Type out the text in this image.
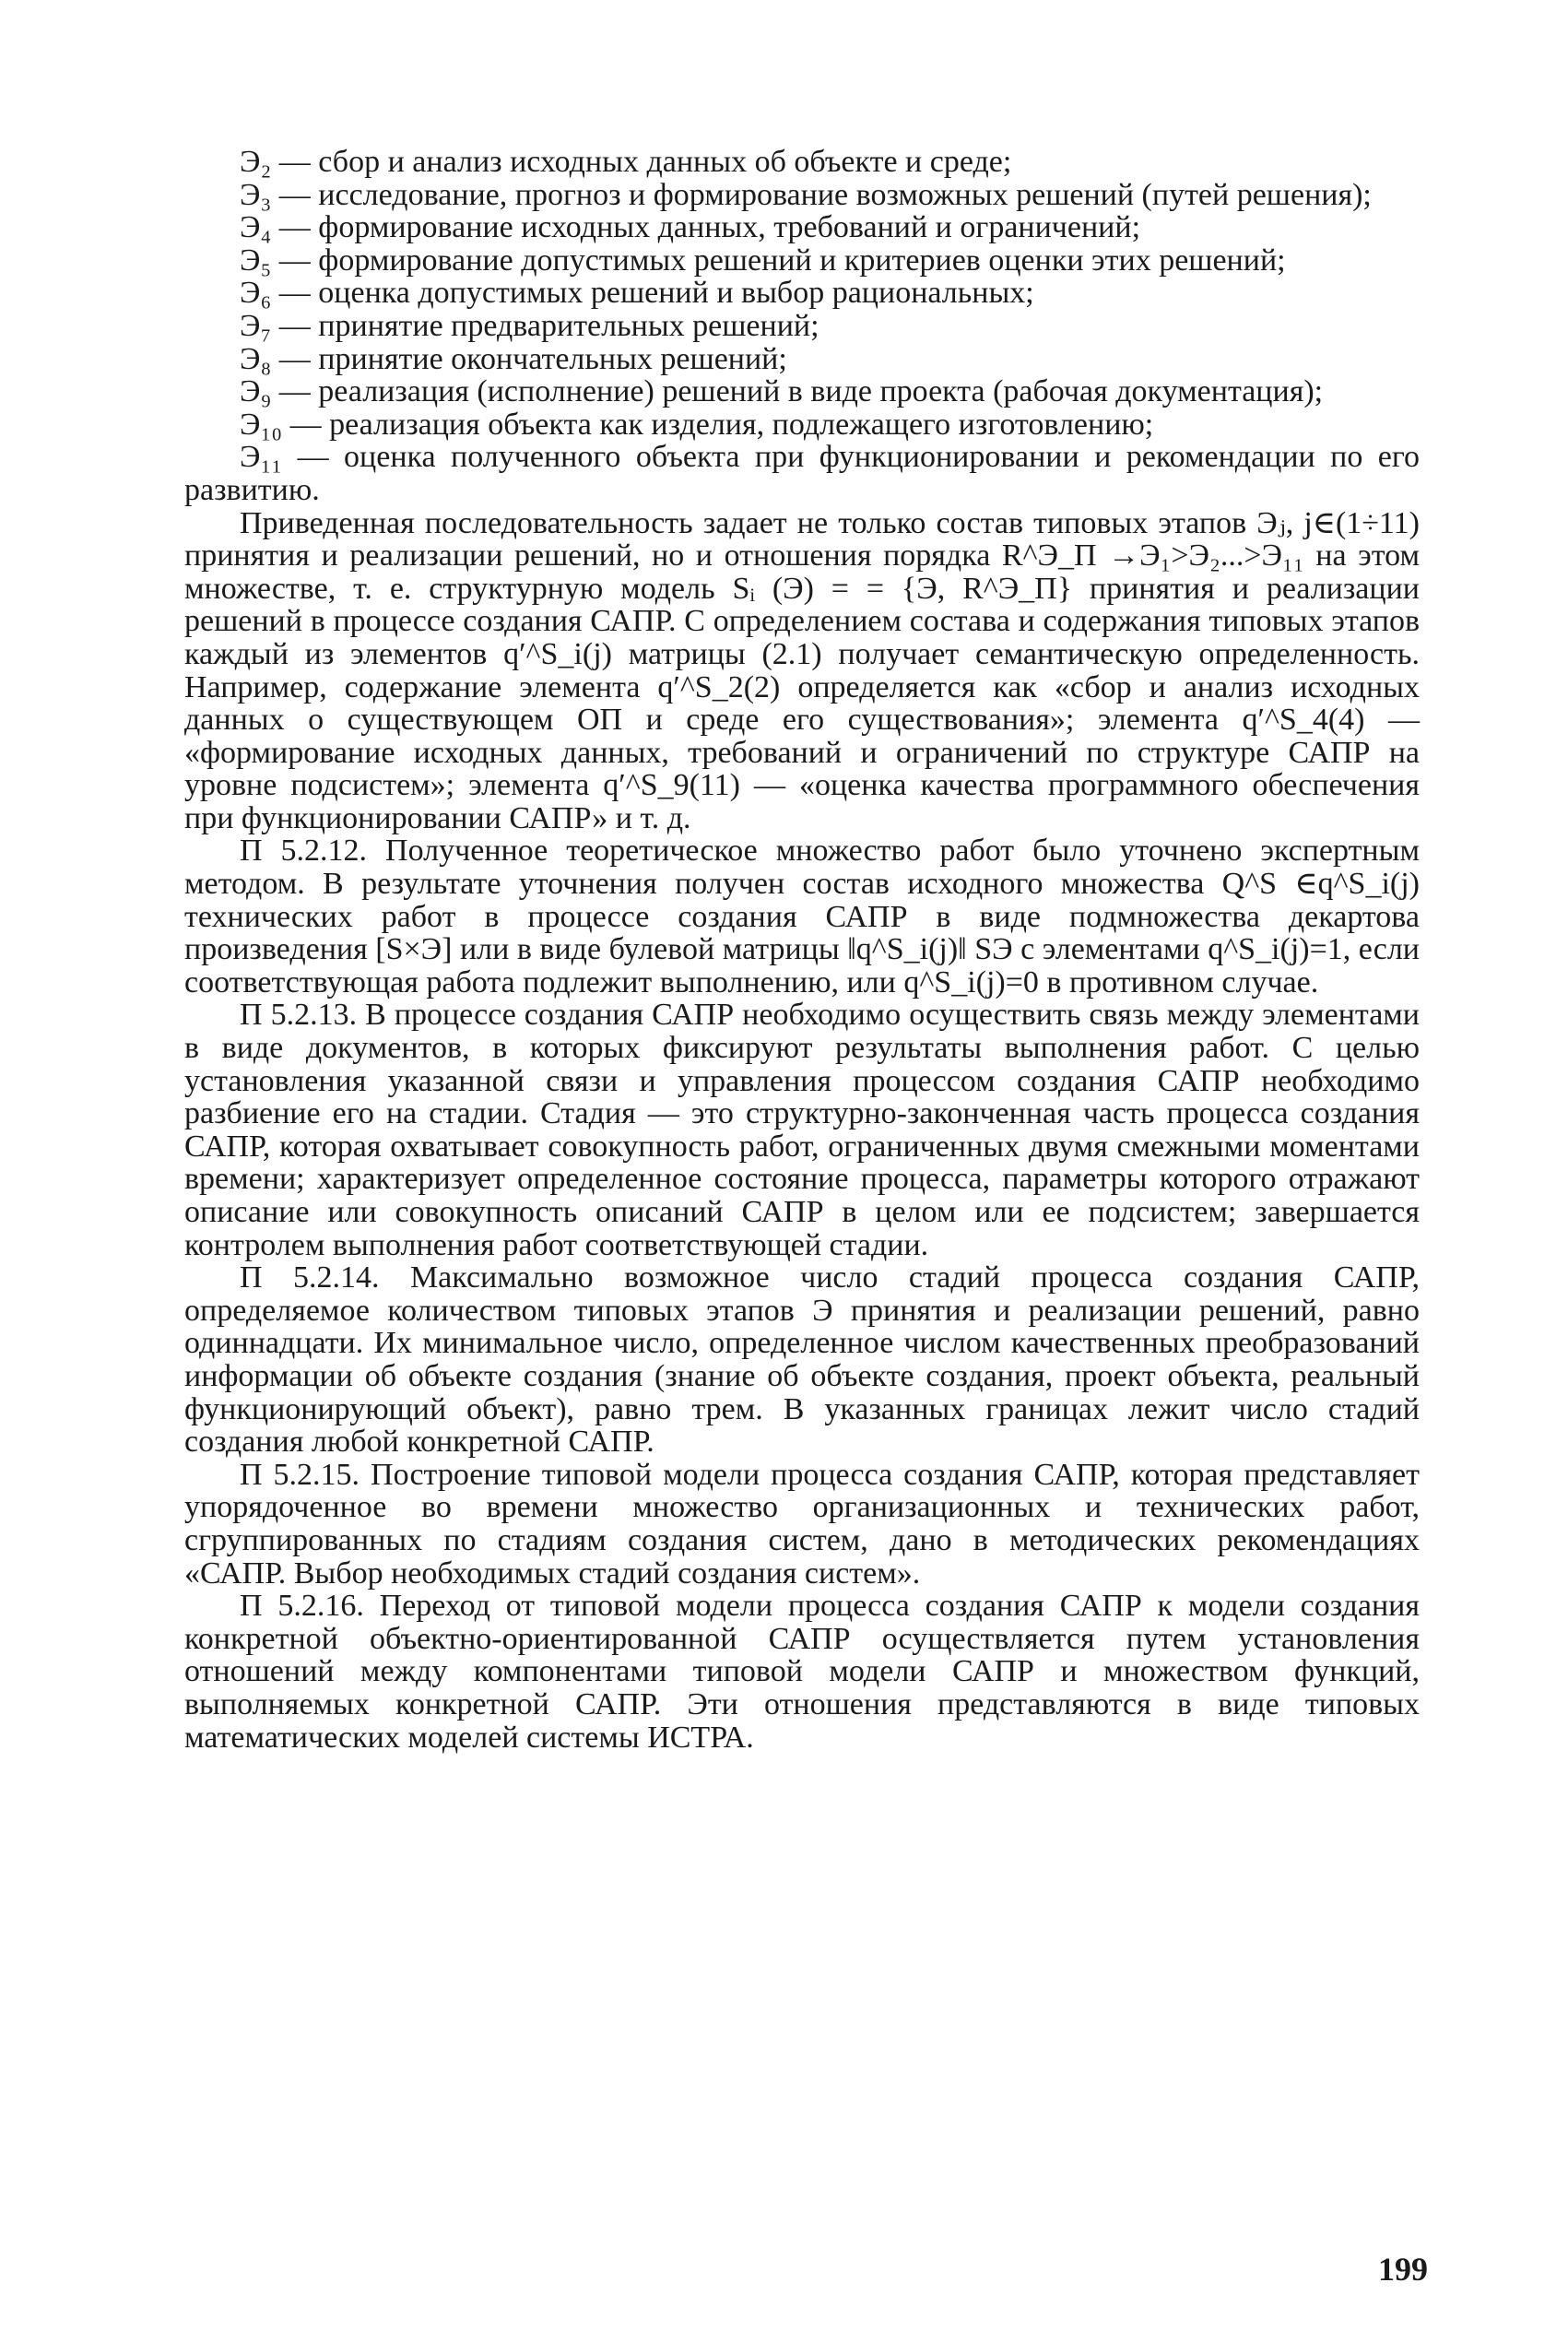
Э₂ — сбор и анализ исходных данных об объекте и среде;

Э₃ — исследование, прогноз и формирование возможных решений (путей решения);

Э₄ — формирование исходных данных, требований и ограничений;

Э₅ — формирование допустимых решений и критериев оценки этих решений;

Э₆ — оценка допустимых решений и выбор рациональных;

Э₇ — принятие предварительных решений;

Э₈ — принятие окончательных решений;

Э₉ — реализация (исполнение) решений в виде проекта (рабочая документация);

Э₁₀ — реализация объекта как изделия, подлежащего изготовлению;

Э₁₁ — оценка полученного объекта при функционировании и рекомендации по его развитию.

Приведенная последовательность задает не только состав типовых этапов Эⱼ, j∈(1÷11) принятия и реализации решений, но и отношения порядка R^Э_П →Э₁>Э₂...>Э₁₁ на этом множестве, т. е. структурную модель Sᵢ (Э) = = {Э, R^Э_П} принятия и реализации решений в процессе создания САПР. С определением состава и содержания типовых этапов каждый из элементов q′^S_i(j) матрицы (2.1) получает семантическую определенность. Например, содержание элемента q′^S_2(2) определяется как «сбор и анализ исходных данных о существующем ОП и среде его существования»; элемента q′^S_4(4) — «формирование исходных данных, требований и ограничений по структуре САПР на уровне подсистем»; элемента q′^S_9(11) — «оценка качества программного обеспечения при функционировании САПР» и т. д.

П 5.2.12. Полученное теоретическое множество работ было уточнено экспертным методом. В результате уточнения получен состав исходного множества Q^S ∈q^S_i(j) технических работ в процессе создания САПР в виде подмножества декартова произведения [S×Э] или в виде булевой матрицы ‖q^S_i(j)‖ SЭ с элементами q^S_i(j)=1, если соответствующая работа подлежит выполнению, или q^S_i(j)=0 в противном случае.

П 5.2.13. В процессе создания САПР необходимо осуществить связь между элементами в виде документов, в которых фиксируют результаты выполнения работ. С целью установления указанной связи и управления процессом создания САПР необходимо разбиение его на стадии. Стадия — это структурно-законченная часть процесса создания САПР, которая охватывает совокупность работ, ограниченных двумя смежными моментами времени; характеризует определенное состояние процесса, параметры которого отражают описание или совокупность описаний САПР в целом или ее подсистем; завершается контролем выполнения работ соответствующей стадии.

П 5.2.14. Максимально возможное число стадий процесса создания САПР, определяемое количеством типовых этапов Э принятия и реализации решений, равно одиннадцати. Их минимальное число, определенное числом качественных преобразований информации об объекте создания (знание об объекте создания, проект объекта, реальный функционирующий объект), равно трем. В указанных границах лежит число стадий создания любой конкретной САПР.

П 5.2.15. Построение типовой модели процесса создания САПР, которая представляет упорядоченное во времени множество организационных и технических работ, сгруппированных по стадиям создания систем, дано в методических рекомендациях «САПР. Выбор необходимых стадий создания систем».

П 5.2.16. Переход от типовой модели процесса создания САПР к модели создания конкретной объектно-ориентированной САПР осуществляется путем установления отношений между компонентами типовой модели САПР и множеством функций, выполняемых конкретной САПР. Эти отношения представляются в виде типовых математических моделей системы ИСТРА.

199
